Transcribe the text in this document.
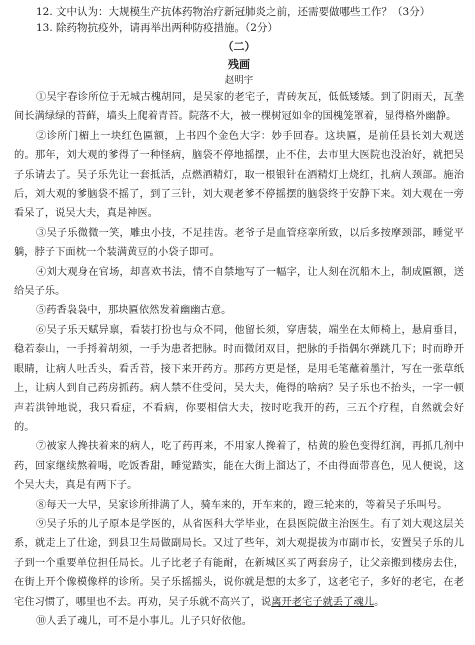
12. 文中认为：大规模生产抗体药物治疗新冠肺炎之前，还需要做哪些工作？（3分）
13. 除药物抗疫外，请再举出两种防疫措施。（2分）
（二）
残画
赵明宇

①吴宇春诊所位于无城古槐胡同，是吴家的老宅子，青砖灰瓦，低低矮矮。到了阴雨天，瓦垄间长满绿绿的苔藓，墙头上爬着青苔。院落不大，被一棵树冠如伞的国槐笼罩着，显得格外幽静。

②诊所门楣上一块红色匾额，上书四个金色大字：妙手回春。这块匾，是前任县长刘大观送的。那年，刘大观的爹得了一种怪病，脑袋不停地摇摆，止不住，去市里大医院也没治好，就把吴子乐请去了。吴子乐先让一套抵活，点燃酒精灯，取一根银针在酒精灯上烧红，扎病人颈部。施治后，刘大观的爹脑袋不摇了，到了三针，刘大观老爹不停摇摆的脑袋终于安静下来。刘大观在一旁看呆了，说吴大夫，真是神医。

③吴子乐微微一笑，雕虫小技，不足挂齿。老爷子是血管痉挛所致，以后多按摩颈部，睡觉平躺，脖子下面枕一个装满黄豆的小袋子即可。

④刘大观身在官场，却喜欢书法，情不自禁地写了一幅字，让人刻在沉船木上，制成匾额，送给吴子乐。

⑤药香袅袅中，那块匾依然发着幽幽古意。

⑥吴子乐天赋异禀，看装打扮也与众不同，他留长须，穿唐装，端坐在太师椅上，悬肩垂目，稳若泰山，一手捋着胡须，一手为患者把脉。时而微闭双目，把脉的手指偶尔弹跳几下；时而睁开眼睛，让病人吐舌头，看舌苔，接下来开药方。那药方更是怪，是用毛笔蘸着墨汁，写在一张草纸上，让病人到自己药房抓药。病人禁不住受问，吴大夫，俺得的啥病？吴子乐也不抬头，一字一顿声若洪钟地说，我只看症，不看病，你要相信大夫，按时吃我开的药，三五个疗程，自然就会好的。

⑦被家人搀扶着来的病人，吃了药再来，不用家人搀着了，枯黄的脸色变得红润，再抓几剂中药，回家继续熬着喝，吃饭香甜，睡觉踏实，能在大街上溜达了，不由得面带喜色，见人便说，这个吴大夫，真是有两下子。

⑧每天一大早，吴家诊所排满了人，骑车来的，开车来的，蹬三轮来的，等着吴子乐叫号。

⑨吴子乐的儿子原本是学医的，从省医科大学毕业，在县医院做主治医生。有了刘大观这层关系，就走上了仕途，到县卫生局做副局长。又过了些年，刘大观提拔为市副市长，安置吴子乐的儿子到一个重要单位担任局长。儿子比老子有能耐，在新城区买了两套房子，让父亲搬到楼房去住，在街上开个像模像样的诊所。吴子乐摇摇头，说你就是想的太多了，这老宅子，多好的老宅，在老宅住习惯了，哪里也不去。再劝，吴子乐就不高兴了，说离开老宅子就丢了魂儿。

⑩人丢了魂儿，可不是小事儿。儿子只好依他。
